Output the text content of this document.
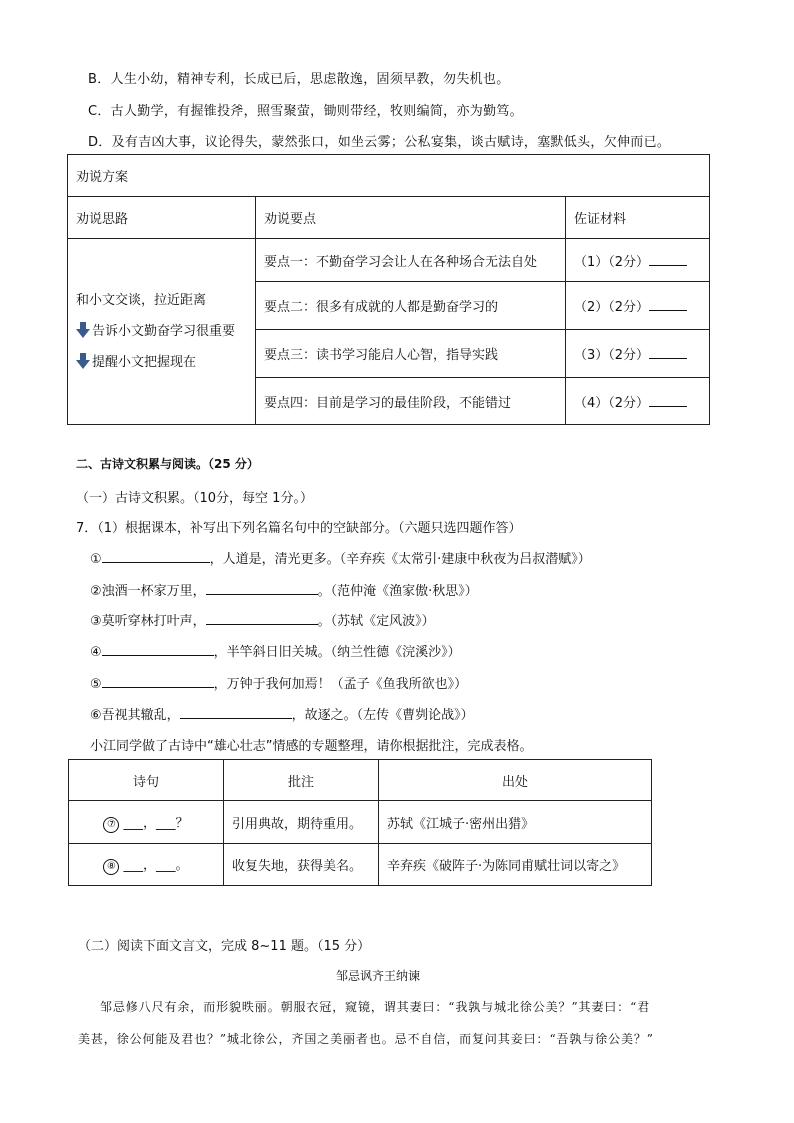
B．人生小幼，精神专利，长成已后，思虑散逸，固须早教，勿失机也。
C．古人勤学，有握锥投斧，照雪聚萤，锄则带经，牧则编简，亦为勤笃。
D．及有吉凶大事，议论得失，蒙然张口，如坐云雾；公私宴集，谈古赋诗，塞默低头，欠伸而已。
劝说方案		
劝说思路	劝说要点	佐证材料

和小文交谈，拉近距离
告诉小文勤奋学习很重要
提醒小文把握现在	要点一：不勤奋学习会让人在各种场合无法自处	（1）（2分）
	要点二：很多有成就的人都是勤奋学习的	（2）（2分）
	要点三：读书学习能启人心智，指导实践	（3）（2分）
	要点四：目前是学习的最佳阶段，不能错过	（4）（2分）
二、古诗文积累与阅读。（25 分）
（一）古诗文积累。（10分，每空 1分。）
7．（1）根据课本，补写出下列名篇名句中的空缺部分。（六题只选四题作答）
①	，人道是，清光更多。（辛弃疾《太常引·建康中秋夜为吕叔潜赋》）
②浊酒一杯家万里，	。（范仲淹《渔家傲·秋思》）
③莫听穿林打叶声，	。（苏轼《定风波》）
④	，半竿斜日旧关城。（纳兰性德《浣溪沙》）
⑤	，万钟于我何加焉！（孟子《鱼我所欲也》）
⑥吾视其辙乱，	，故逐之。（左传《曹刿论战》）
小江同学做了古诗中“雄心壮志”情感的专题整理，请你根据批注，完成表格。
诗句	批注	出处
⑦ ___，___？	引用典故，期待重用。	苏轼《江城子·密州出猎》
⑧ ___，___。	收复失地，获得美名。	辛弃疾《破阵子·为陈同甫赋壮词以寄之》
（二）阅读下面文言文，完成 8~11 题。（15 分）
邹忌讽齐王纳谏
邹忌修八尺有余，而形貌昳丽。朝服衣冠，窥镜，谓其妻曰：“我孰与城北徐公美？”其妻曰：“君
美甚，徐公何能及君也？”城北徐公，齐国之美丽者也。忌不自信，而复问其妾曰：“吾孰与徐公美？”
